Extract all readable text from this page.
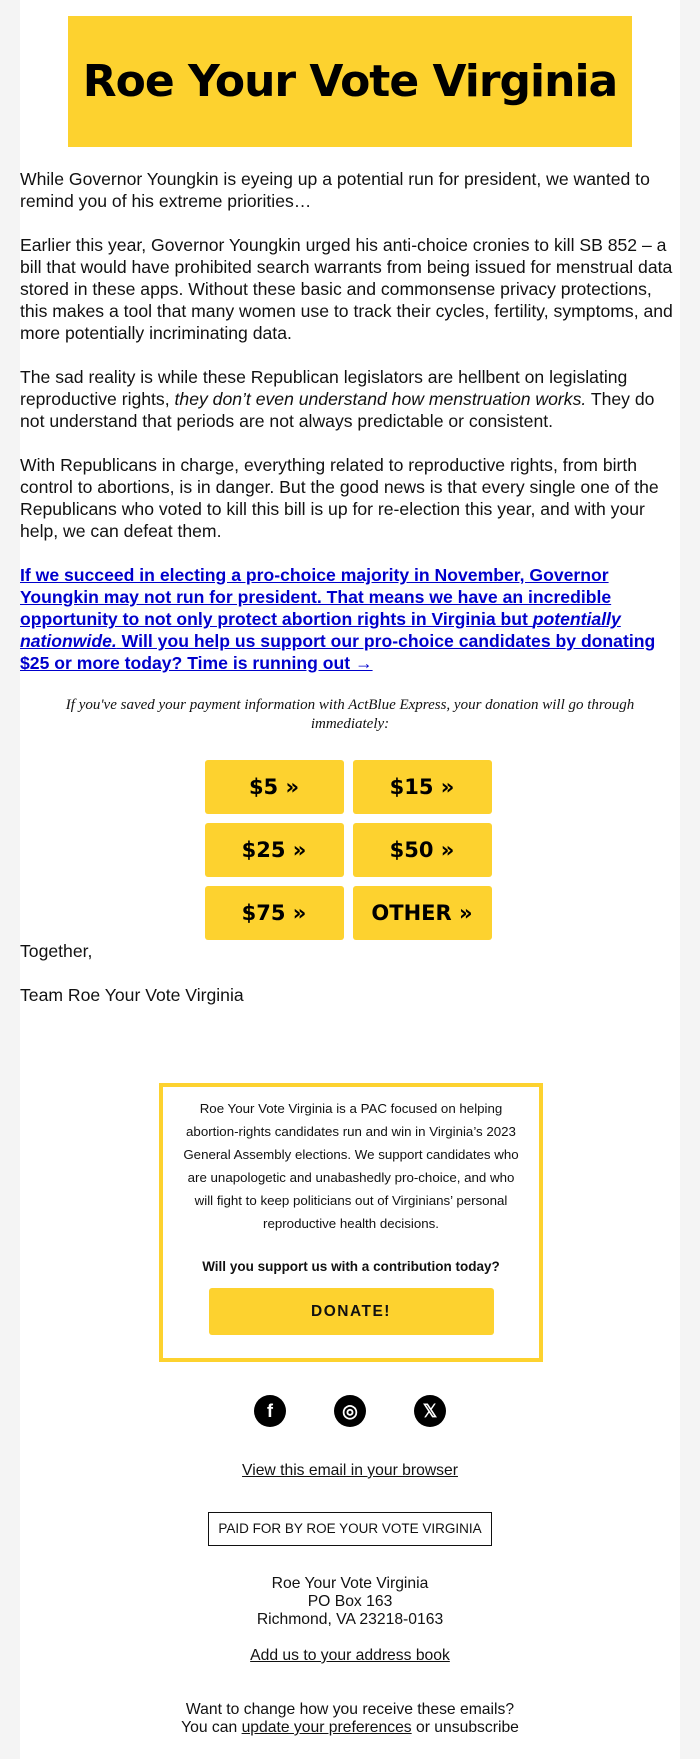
Roe Your Vote Virginia

While Governor Youngkin is eyeing up a potential run for president, we wanted to remind you of his extreme priorities…

Earlier this year, Governor Youngkin urged his anti-choice cronies to kill SB 852 – a bill that would have prohibited search warrants from being issued for menstrual data stored in these apps. Without these basic and commonsense privacy protections, this makes a tool that many women use to track their cycles, fertility, symptoms, and more potentially incriminating data.

The sad reality is while these Republican legislators are hellbent on legislating reproductive rights, they don’t even understand how menstruation works. They do not understand that periods are not always predictable or consistent.

With Republicans in charge, everything related to reproductive rights, from birth control to abortions, is in danger. But the good news is that every single one of the Republicans who voted to kill this bill is up for re-election this year, and with your help, we can defeat them.

If we succeed in electing a pro-choice majority in November, Governor Youngkin may not run for president. That means we have an incredible opportunity to not only protect abortion rights in Virginia but potentially nationwide. Will you help us support our pro-choice candidates by donating $25 or more today? Time is running out →

If you've saved your payment information with ActBlue Express, your donation will go through immediately:
$5 »	$15 »
$25 »	$50 »
$75 »	OTHER »

Together,

Team Roe Your Vote Virginia

Roe Your Vote Virginia is a PAC focused on helping abortion-rights candidates run and win in Virginia’s 2023 General Assembly elections. We support candidates who are unapologetic and unabashedly pro-choice, and who will fight to keep politicians out of Virginians’ personal reproductive health decisions.
Will you support us with a contribution today?
DONATE!
f	◎	𝕏
View this email in your browser
PAID FOR BY ROE YOUR VOTE VIRGINIA
Roe Your Vote Virginia
PO Box 163
Richmond, VA 23218-0163
Add us to your address book
Want to change how you receive these emails?
You can update your preferences or unsubscribe
